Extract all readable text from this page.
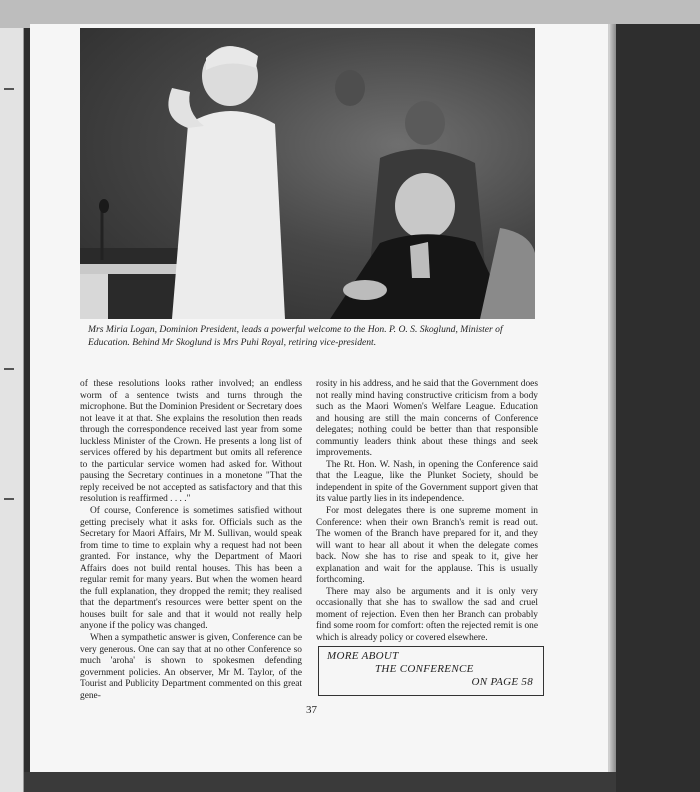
Mrs Miria Logan, Dominion President, leads a powerful welcome to the Hon. P. O. S. Skoglund, Minister of Education. Behind Mr Skoglund is Mrs Puhi Royal, retiring vice-president.

of these resolutions looks rather involved; an endless worm of a sentence twists and turns through the microphone. But the Dominion President or Secretary does not leave it at that. She explains the resolution then reads through the correspondence received last year from some luckless Minister of the Crown. He presents a long list of services offered by his department but omits all reference to the particular service women had asked for. Without pausing the Secretary continues in a monetone "That the reply received be not accepted as satisfactory and that this resolution is reaffirmed . . . ."

Of course, Conference is sometimes satisfied without getting precisely what it asks for. Officials such as the Secretary for Maori Affairs, Mr M. Sullivan, would speak from time to time to explain why a request had not been granted. For instance, why the Department of Maori Affairs does not build rental houses. This has been a regular remit for many years. But when the women heard the full explanation, they dropped the remit; they realised that the department's resources were better spent on the houses built for sale and that it would not really help anyone if the policy was changed.

When a sympathetic answer is given, Conference can be very generous. One can say that at no other Conference so much 'aroha' is shown to spokesmen defending government policies. An observer, Mr M. Taylor, of the Tourist and Publicity Department commented on this great gene-

rosity in his address, and he said that the Government does not really mind having constructive criticism from a body such as the Maori Women's Welfare League. Education and housing are still the main concerns of Conference delegates; nothing could be better than that responsible communtiy leaders think about these things and seek improvements.

The Rt. Hon. W. Nash, in opening the Conference said that the League, like the Plunket Society, should be independent in spite of the Government support given that its value partly lies in its independence.

For most delegates there is one supreme moment in Conference: when their own Branch's remit is read out. The women of the Branch have prepared for it, and they will want to hear all about it when the delegate comes back. Now she has to rise and speak to it, give her explanation and wait for the applause. This is usually forthcoming.

There may also be arguments and it is only very occasionally that she has to swallow the sad and cruel moment of rejection. Even then her Branch can probably find some room for comfort: often the rejected remit is one which is already policy or covered elsewhere.

MORE ABOUT
THE CONFERENCE
ON PAGE 58
37
